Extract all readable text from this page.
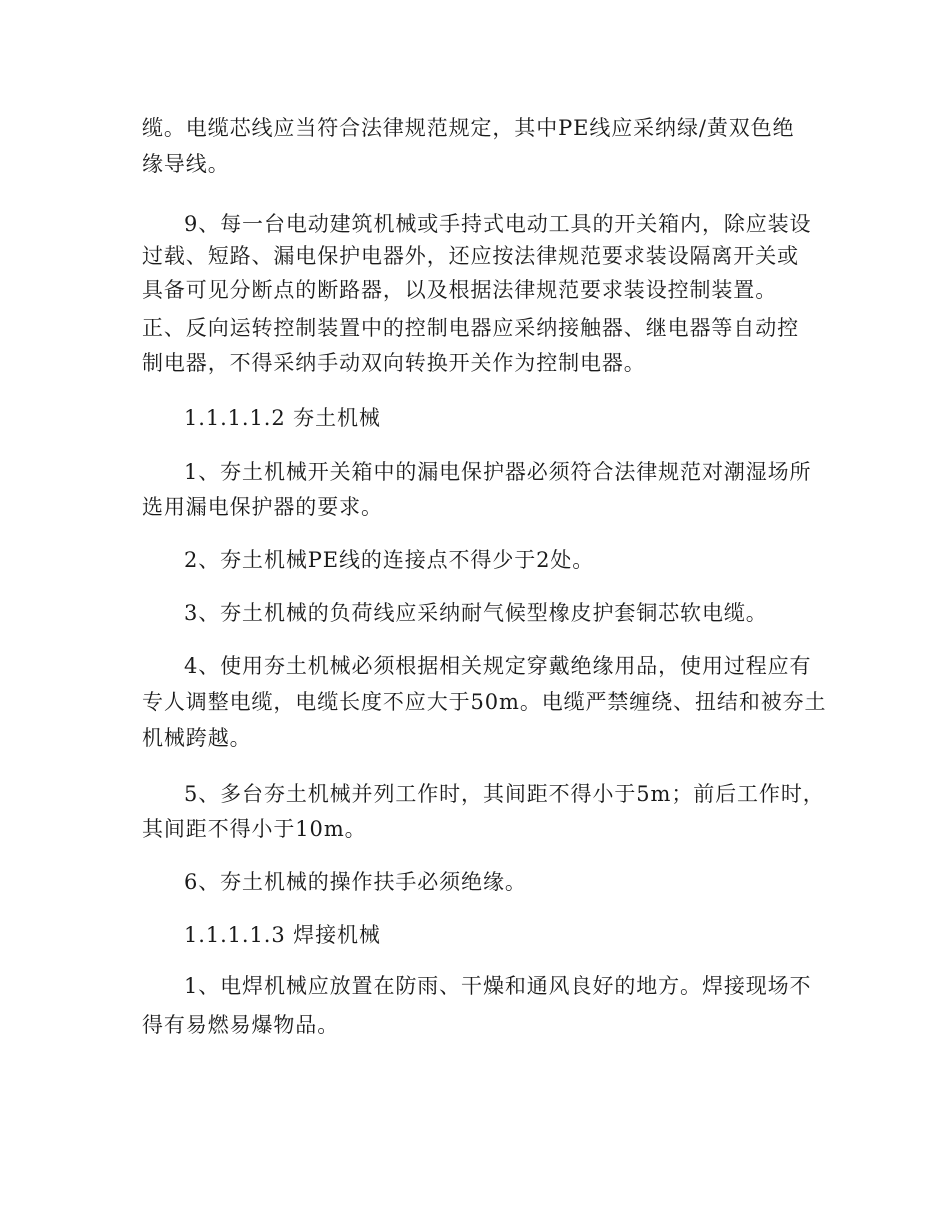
缆。电缆芯线应当符合法律规范规定，其中PE线应采纳绿/黄双色绝
缘导线。
9、每一台电动建筑机械或手持式电动工具的开关箱内，除应装设
过载、短路、漏电保护电器外，还应按法律规范要求装设隔离开关或
具备可见分断点的断路器，以及根据法律规范要求装设控制装置。
正、反向运转控制装置中的控制电器应采纳接触器、继电器等自动控
制电器，不得采纳手动双向转换开关作为控制电器。
1.1.1.1.2 夯土机械
1、夯土机械开关箱中的漏电保护器必须符合法律规范对潮湿场所
选用漏电保护器的要求。
2、夯土机械PE线的连接点不得少于2处。
3、夯土机械的负荷线应采纳耐气候型橡皮护套铜芯软电缆。
4、使用夯土机械必须根据相关规定穿戴绝缘用品，使用过程应有
专人调整电缆，电缆长度不应大于50m。电缆严禁缠绕、扭结和被夯土
机械跨越。
5、多台夯土机械并列工作时，其间距不得小于5m；前后工作时，
其间距不得小于10m。
6、夯土机械的操作扶手必须绝缘。
1.1.1.1.3 焊接机械
1、电焊机械应放置在防雨、干燥和通风良好的地方。焊接现场不
得有易燃易爆物品。
